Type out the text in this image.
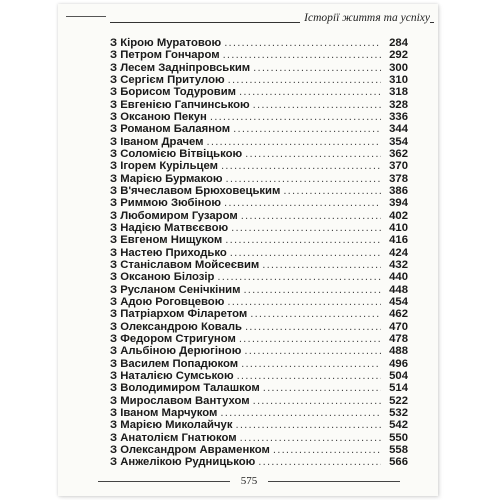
Історії життя та успіху
З Кірою Муратовою .....	284
З Петром Гончаром .....	292
З Лесем Задніпровським .....	300
З Сергієм Притулою .....	310
З Борисом Тодуровим .....	318
З Евгенією Гапчинською .....	328
З Оксаною Пекун .....	336
З Романом Балаяном .....	344
З Іваном Драчем .....	354
З Соломією Вітвіцькою .....	362
З Ігорем Курільцем .....	370
З Марією Бурмакою .....	378
З В'ячеславом Брюховецьким .....	386
З Риммою Зюбіною .....	394
З Любомиром Гузаром .....	402
З Надією Матвєєвою .....	410
З Евгеном Нищуком .....	416
З Настею Приходько .....	424
З Станіславом Мойсеєвим .....	432
З Оксаною Білозір .....	440
З Русланом Сенічкіним .....	448
З Адою Роговцевою .....	454
З Патріархом Філаретом .....	462
З Олександрою Коваль .....	470
З Федором Стригуном .....	478
З Альбіною Дерюгіною .....	488
З Василем Попадюком .....	496
З Наталією Сумською .....	504
З Володимиром Талашком .....	514
З Мирославом Вантухом .....	522
З Іваном Марчуком .....	532
З Марією Миколайчук .....	542
З Анатолієм Гнатюком .....	550
З Олександром Авраменком .....	558
З Анжелікою Рудницькою .....	566
575
